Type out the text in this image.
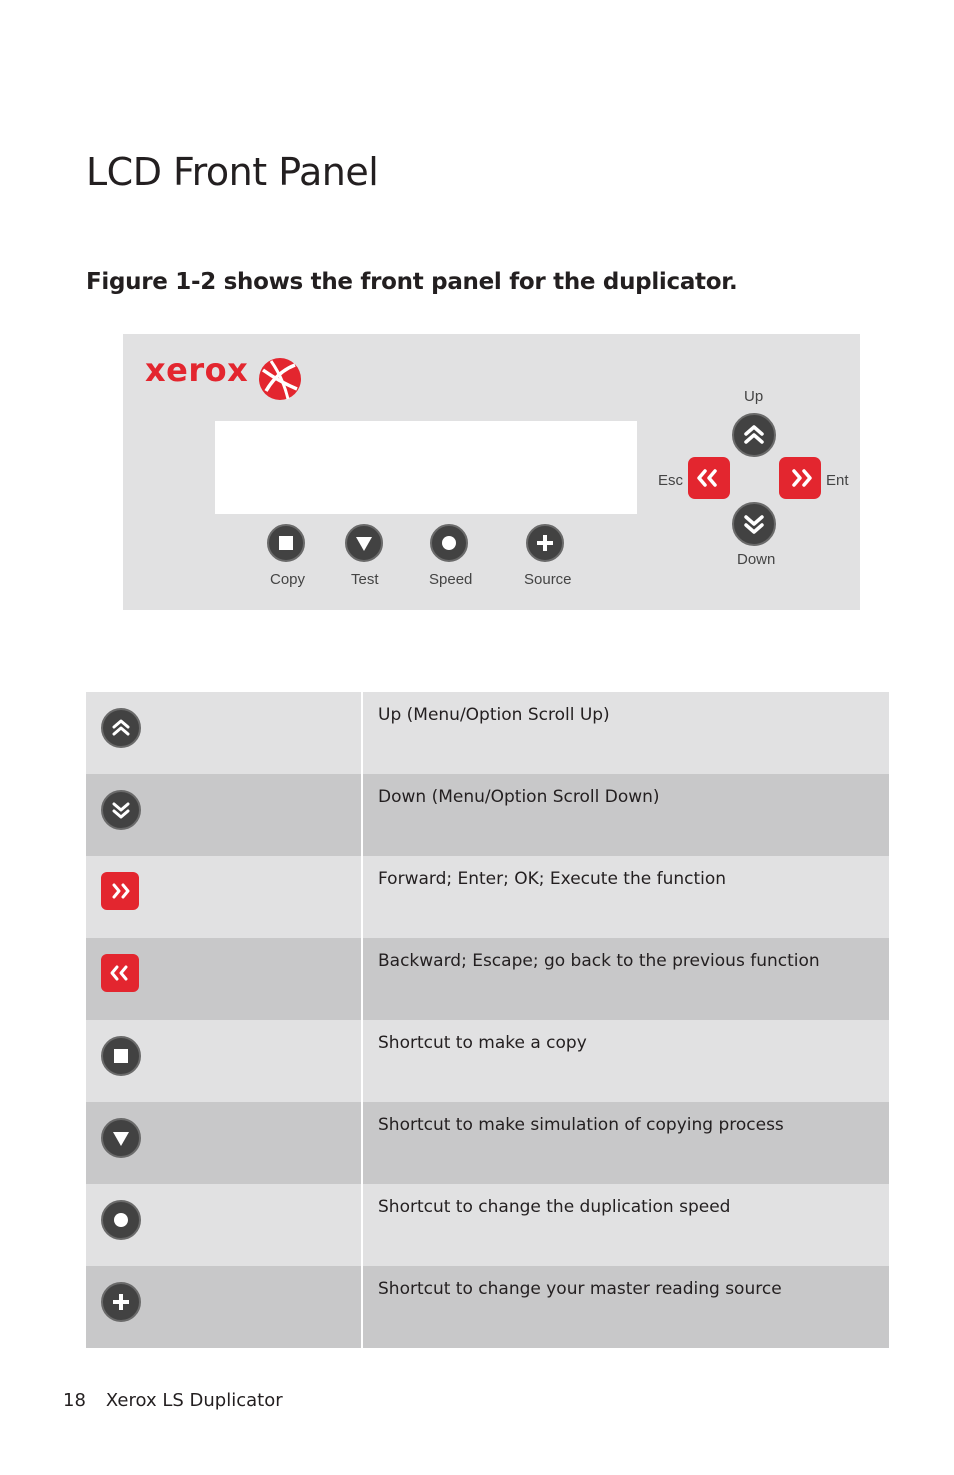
LCD Front Panel
Figure 1-2 shows the front panel for the duplicator.
xerox
Copy	Test	Speed	Source
Up
Esc	Ent
Down
	Up (Menu/Option Scroll Up)

	Down (Menu/Option Scroll Down)

	Forward; Enter; OK; Execute the function

	Backward; Escape; go back to the previous function

	Shortcut to make a copy

	Shortcut to make simulation of copying process

	Shortcut to change the duplication speed

	Shortcut to change your master reading source
18 Xerox LS Duplicator
